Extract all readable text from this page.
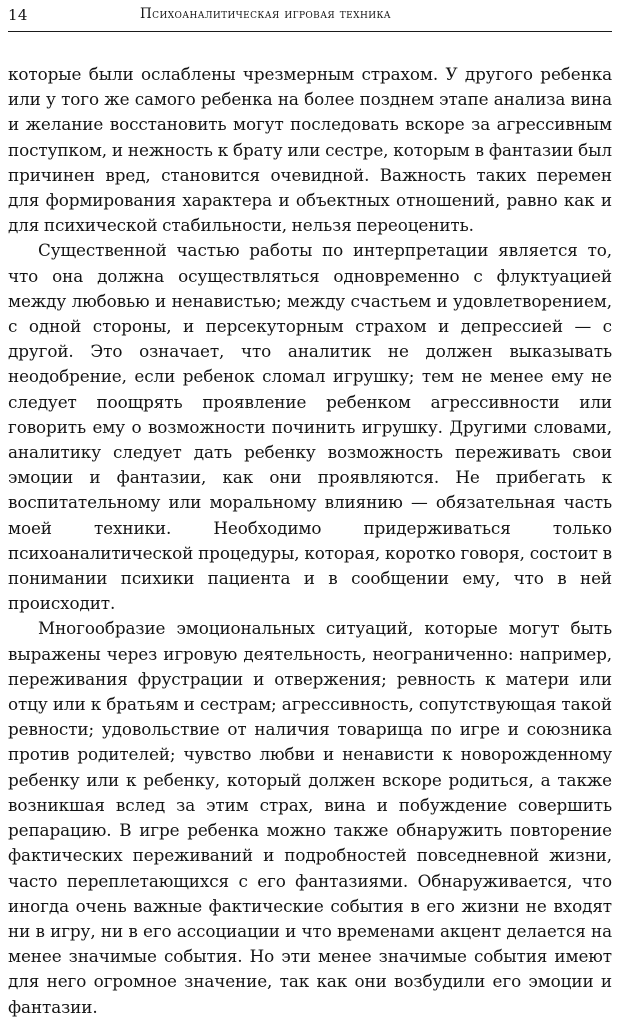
14	Психоаналитическая игровая техника

которые были ослаблены чрезмерным страхом. У другого ребенка или у того же самого ребенка на более позднем этапе анализа вина и желание восстановить могут последовать вскоре за агрессивным поступком, и нежность к брату или сестре, которым в фантазии был причинен вред, становится очевидной. Важность таких перемен для формирования характера и объектных отношений, равно как и для психической стабильности, нельзя переоценить.

Существенной частью работы по интерпретации является то, что она должна осуществляться одновременно с флуктуацией между любовью и ненавистью; между счастьем и удовлетворением, с одной стороны, и персекуторным страхом и депрессией — с другой. Это означает, что аналитик не должен выказывать неодобрение, если ребенок сломал игрушку; тем не менее ему не следует поощрять проявление ребенком агрессивности или говорить ему о возможности починить игрушку. Другими словами, аналитику следует дать ребенку возможность переживать свои эмоции и фантазии, как они проявляются. Не прибегать к воспитательному или моральному влиянию — обязательная часть моей техники. Необходимо придерживаться только психоаналитической процедуры, которая, коротко говоря, состоит в понимании психики пациента и в сообщении ему, что в ней происходит.

Многообразие эмоциональных ситуаций, которые могут быть выражены через игровую деятельность, неограниченно: например, переживания фрустрации и отвержения; ревность к матери или отцу или к братьям и сестрам; агрессивность, сопутствующая такой ревности; удовольствие от наличия товарища по игре и союзника против родителей; чувство любви и ненависти к новорожденному ребенку или к ребенку, который должен вскоре родиться, а также возникшая вслед за этим страх, вина и побуждение совершить репарацию. В игре ребенка можно также обнаружить повторение фактических переживаний и подробностей повседневной жизни, часто переплетающихся с его фантазиями. Обнаруживается, что иногда очень важные фактические события в его жизни не входят ни в игру, ни в его ассоциации и что временами акцент делается на менее значимые события. Но эти менее значимые события имеют для него огромное значение, так как они возбудили его эмоции и фантазии.
